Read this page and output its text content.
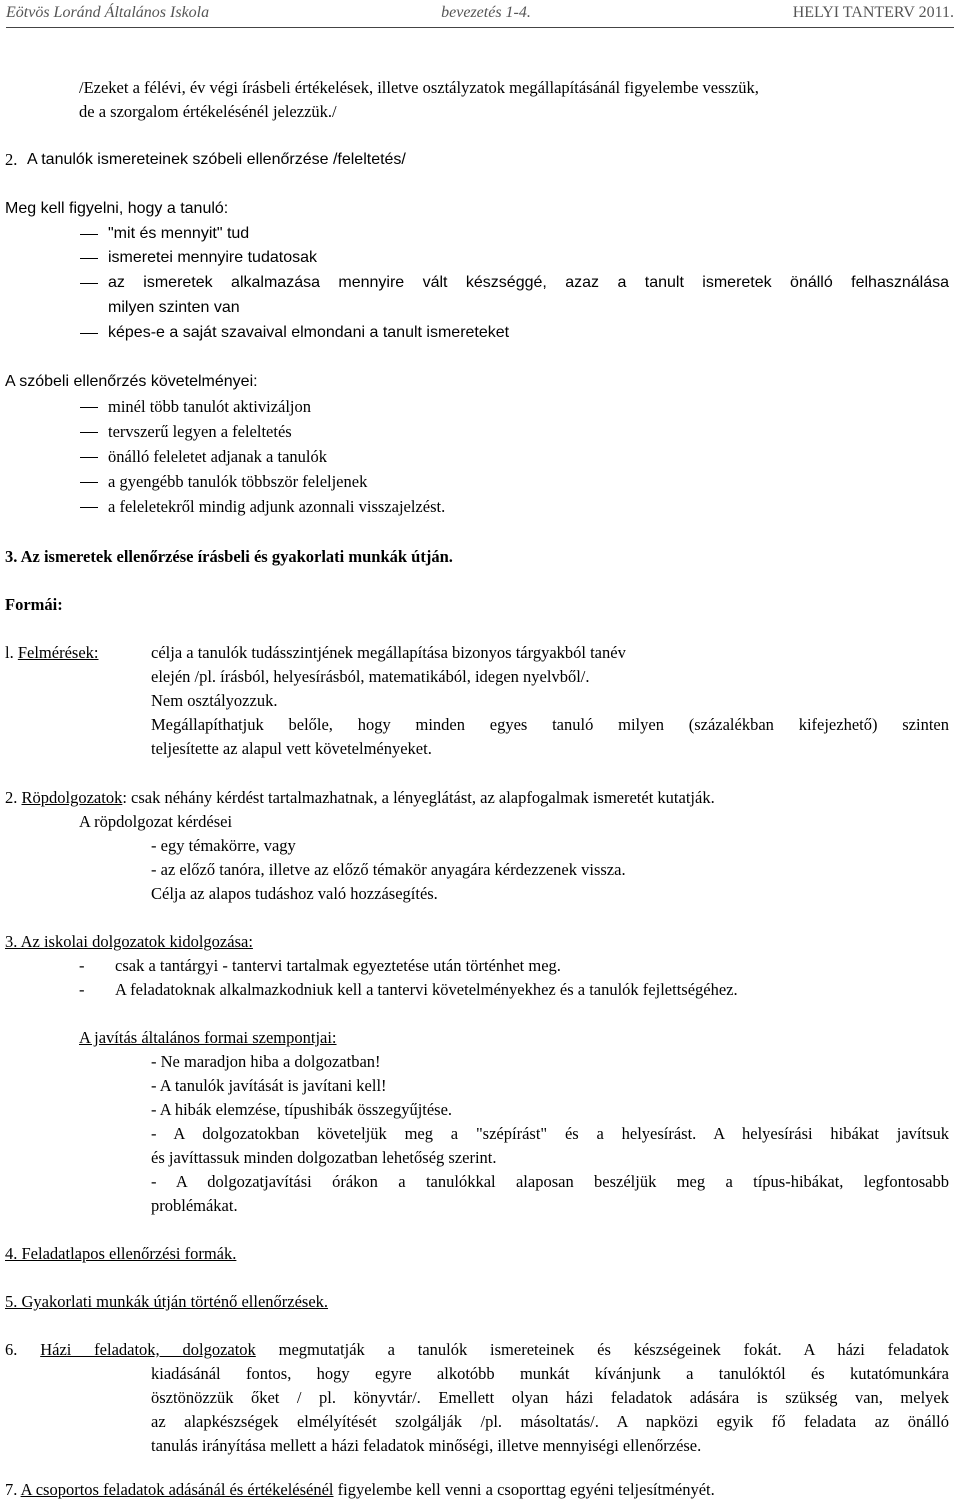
Eötvös Loránd Általános Iskola	bevezetés 1-4.	HELYI TANTERV 2011.
/Ezeket a félévi, év végi írásbeli értékelések, illetve osztályzatok megállapításánál figyelembe vesszük,
de a szorgalom értékelésénél jelezzük./
2. A tanulók ismereteinek szóbeli ellenőrzése /feleltetés/
Meg kell figyelni, hogy a tanuló:
"mit és mennyit" tud
ismeretei mennyire tudatosak
az ismeretek alkalmazása mennyire vált készséggé, azaz a tanult ismeretek önálló felhasználása
milyen szinten van
képes-e a saját szavaival elmondani a tanult ismereteket
A szóbeli ellenőrzés követelményei:
minél több tanulót aktivizáljon
tervszerű legyen a feleltetés
önálló feleletet adjanak a tanulók
a gyengébb tanulók többször feleljenek
a feleletekről mindig adjunk azonnali visszajelzést.
3. Az ismeretek ellenőrzése írásbeli és gyakorlati munkák útján.
Formái:
l. Felmérések:	célja a tanulók tudásszintjének megállapítása bizonyos tárgyakból tanév
elején /pl. írásból, helyesírásból, matematikából, idegen nyelvből/.
Nem osztályozzuk.
Megállapíthatjuk belőle, hogy minden egyes tanuló milyen (százalékban kifejezhető) szinten
teljesítette az alapul vett követelményeket.
2. Röpdolgozatok: csak néhány kérdést tartalmazhatnak, a lényeglátást, az alapfogalmak ismeretét kutatják.
A röpdolgozat kérdései
- egy témakörre, vagy
- az előző tanóra, illetve az előző témakör anyagára kérdezzenek vissza.
Célja az alapos tudáshoz való hozzásegítés.
3. Az iskolai dolgozatok kidolgozása:
- csak a tantárgyi - tantervi tartalmak egyeztetése után történhet meg.
- A feladatoknak alkalmazkodniuk kell a tantervi követelményekhez és a tanulók fejlettségéhez.
A javítás általános formai szempontjai:
- Ne maradjon hiba a dolgozatban!
- A tanulók javítását is javítani kell!
- A hibák elemzése, típushibák összegyűjtése.
- A dolgozatokban követeljük meg a "szépírást" és a helyesírást. A helyesírási hibákat javítsuk
és javíttassuk minden dolgozatban lehetőség szerint.
- A dolgozatjavítási órákon a tanulókkal alaposan beszéljük meg a típus-hibákat, legfontosabb
problémákat.
4. Feladatlapos ellenőrzési formák.
5. Gyakorlati munkák útján történő ellenőrzések.
6. Házi feladatok, dolgozatok megmutatják a tanulók ismereteinek és készségeinek fokát. A házi feladatok
kiadásánál fontos, hogy egyre alkotóbb munkát kívánjunk a tanulóktól és kutatómunkára
ösztönözzük őket / pl. könyvtár/. Emellett olyan házi feladatok adására is szükség van, melyek
az alapkészségek elmélyítését szolgálják /pl. másoltatás/. A napközi egyik fő feladata az önálló
tanulás irányítása mellett a házi feladatok minőségi, illetve mennyiségi ellenőrzése.
7. A csoportos feladatok adásánál és értékelésénél figyelembe kell venni a csoporttag egyéni teljesítményét.
